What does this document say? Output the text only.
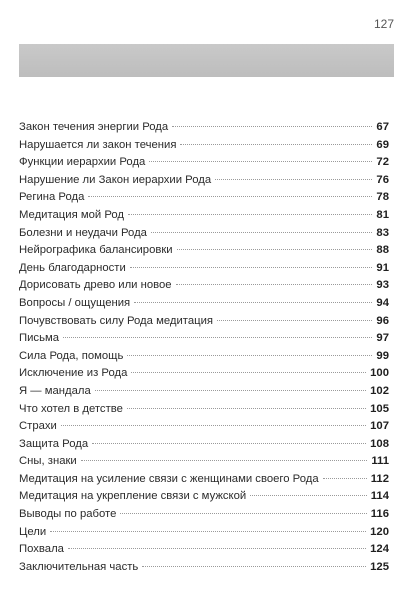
127
Закон течения энергии Рода	67
Нарушается ли закон течения	69
Функции иерархии Рода	72
Нарушение ли Закон иерархии Рода	76
Регина Рода	78
Медитация мой Род	81
Болезни и неудачи Рода	83
Нейрографика балансировки	88
День благодарности	91
Дорисовать древо или новое	93
Вопросы / ощущения	94
Почувствовать силу Рода медитация	96
Письма	97
Сила Рода, помощь	99
Исключение из Рода	100
Я — мандала	102
Что хотел в детстве	105
Страхи	107
Защита Рода	108
Сны, знаки	111
Медитация на усиление связи с женщинами своего Рода	112
Медитация на укрепление связи с мужской	114
Выводы по работе	116
Цели	120
Похвала	124
Заключительная часть	125
